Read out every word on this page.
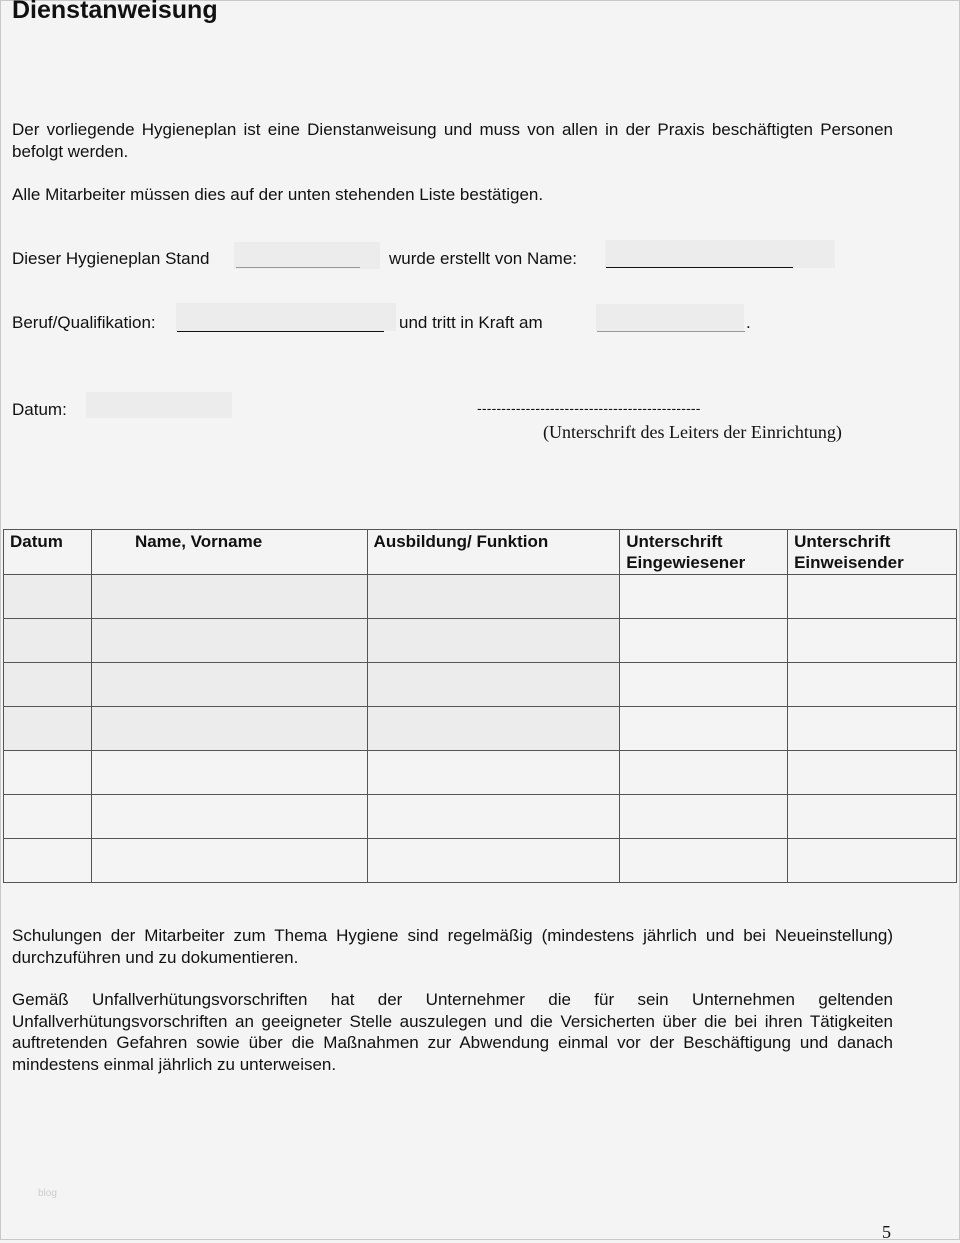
Dienstanweisung
Der vorliegende Hygieneplan ist eine Dienstanweisung und muss von allen in der Praxis beschäftigten Personen befolgt werden.
Alle Mitarbeiter müssen dies auf der unten stehenden Liste bestätigen.
Dieser Hygieneplan Stand	wurde erstellt von Name:
Beruf/Qualifikation:	und tritt in Kraft am	.
Datum:	----------------------------------------------
(Unterschrift des Leiters der Einrichtung)
Datum	Name, Vorname	Ausbildung/ Funktion	Unterschrift Eingewiesener	Unterschrift Einweisender

Schulungen der Mitarbeiter zum Thema Hygiene sind regelmäßig (mindestens jährlich und bei Neueinstellung) durchzuführen und zu dokumentieren.
Gemäß Unfallverhütungsvorschriften hat der Unternehmer die für sein Unternehmen geltenden Unfallverhütungsvorschriften an geeigneter Stelle auszulegen und die Versicherten über die bei ihren Tätigkeiten auftretenden Gefahren sowie über die Maßnahmen zur Abwendung einmal vor der Beschäftigung und danach mindestens einmal jährlich zu unterweisen.
blog
5
